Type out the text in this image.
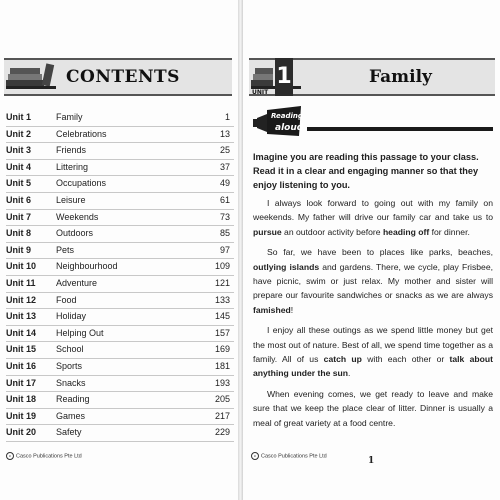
CONTENTS
Unit 1	Family	1
Unit 2	Celebrations	13
Unit 3	Friends	25
Unit 4	Littering	37
Unit 5	Occupations	49
Unit 6	Leisure	61
Unit 7	Weekends	73
Unit 8	Outdoors	85
Unit 9	Pets	97
Unit 10 Neighbourhood	109
Unit 11 Adventure	121
Unit 12 Food	133
Unit 13 Holiday	145
Unit 14 Helping Out	157
Unit 15 School	169
Unit 16 Sports	181
Unit 17 Snacks	193
Unit 18 Reading	205
Unit 19 Games	217
Unit 20 Safety	229
c Casco Publications Pte Ltd
UNIT
1	Family
Reading
aloud
Imagine you are reading this passage to your class. Read it in a clear and engaging manner so that they enjoy listening to you.

I always look forward to going out with my family on weekends. My father will drive our family car and take us to pursue an outdoor activity before heading off for dinner.

So far, we have been to places like parks, beaches, outlying islands and gardens. There, we cycle, play Frisbee, have picnic, swim or just relax. My mother and sister will prepare our favourite sandwiches or snacks as we are always famished!

I enjoy all these outings as we spend little money but get the most out of nature. Best of all, we spend time together as a family. All of us catch up with each other or talk about anything under the sun.

When evening comes, we get ready to leave and make sure that we keep the place clear of litter. Dinner is usually a meal of great variety at a food centre.

c Casco Publications Pte Ltd	1
